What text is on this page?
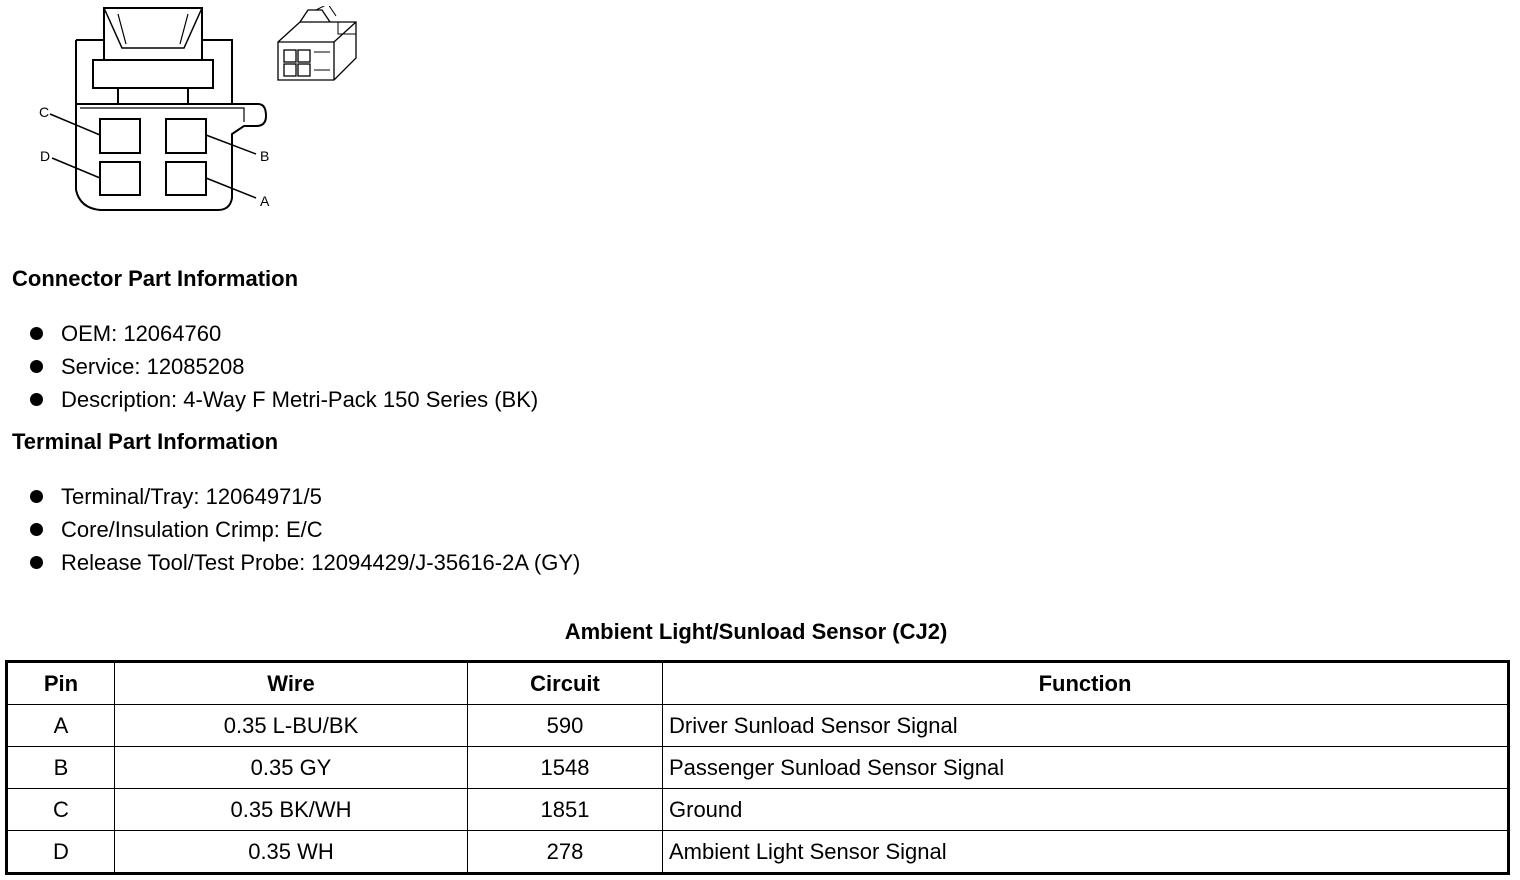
C
D	B
A
Connector Part Information
OEM: 12064760
Service: 12085208
Description: 4-Way F Metri-Pack 150 Series (BK)
Terminal Part Information
Terminal/Tray: 12064971/5
Core/Insulation Crimp: E/C
Release Tool/Test Probe: 12094429/J-35616-2A (GY)
Ambient Light/Sunload Sensor (CJ2)
Pin	Wire	Circuit	Function
A	0.35 L-BU/BK	590	Driver Sunload Sensor Signal
B	0.35 GY	1548	Passenger Sunload Sensor Signal
C	0.35 BK/WH	1851	Ground
D	0.35 WH	278	Ambient Light Sensor Signal
